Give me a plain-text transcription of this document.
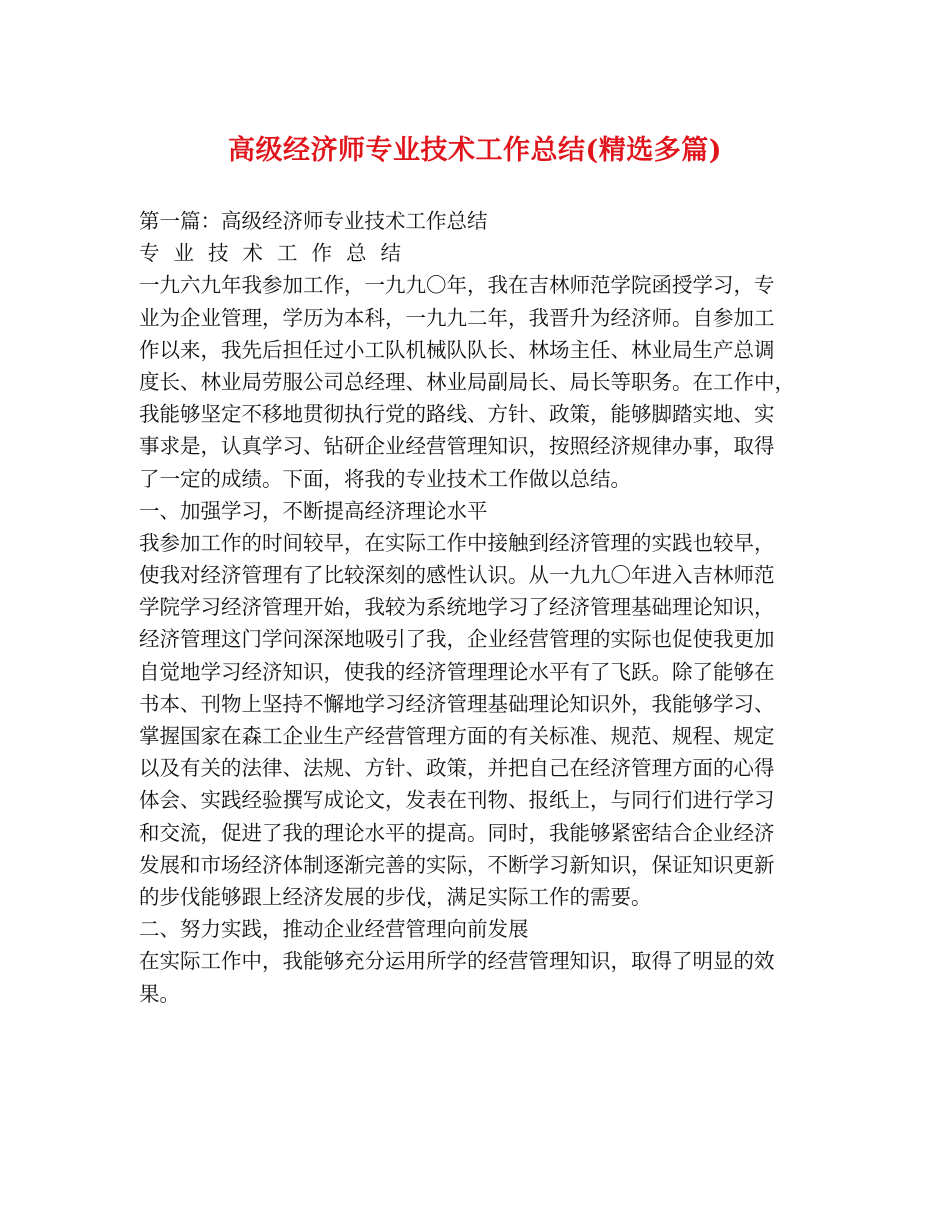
高级经济师专业技术工作总结(精选多篇)
第一篇：高级经济师专业技术工作总结
专业技术工作总结
一九六九年我参加工作，一九九〇年，我在吉林师范学院函授学习，专
业为企业管理，学历为本科，一九九二年，我晋升为经济师。自参加工
作以来，我先后担任过小工队机械队队长、林场主任、林业局生产总调
度长、林业局劳服公司总经理、林业局副局长、局长等职务。在工作中，
我能够坚定不移地贯彻执行党的路线、方针、政策，能够脚踏实地、实
事求是，认真学习、钻研企业经营管理知识，按照经济规律办事，取得
了一定的成绩。下面，将我的专业技术工作做以总结。
一、加强学习，不断提高经济理论水平
我参加工作的时间较早，在实际工作中接触到经济管理的实践也较早，
使我对经济管理有了比较深刻的感性认识。从一九九〇年进入吉林师范
学院学习经济管理开始，我较为系统地学习了经济管理基础理论知识，
经济管理这门学问深深地吸引了我，企业经营管理的实际也促使我更加
自觉地学习经济知识，使我的经济管理理论水平有了飞跃。除了能够在
书本、刊物上坚持不懈地学习经济管理基础理论知识外，我能够学习、
掌握国家在森工企业生产经营管理方面的有关标准、规范、规程、规定
以及有关的法律、法规、方针、政策，并把自己在经济管理方面的心得
体会、实践经验撰写成论文，发表在刊物、报纸上，与同行们进行学习
和交流，促进了我的理论水平的提高。同时，我能够紧密结合企业经济
发展和市场经济体制逐渐完善的实际，不断学习新知识，保证知识更新
的步伐能够跟上经济发展的步伐，满足实际工作的需要。
二、努力实践，推动企业经营管理向前发展
在实际工作中，我能够充分运用所学的经营管理知识，取得了明显的效
果。
